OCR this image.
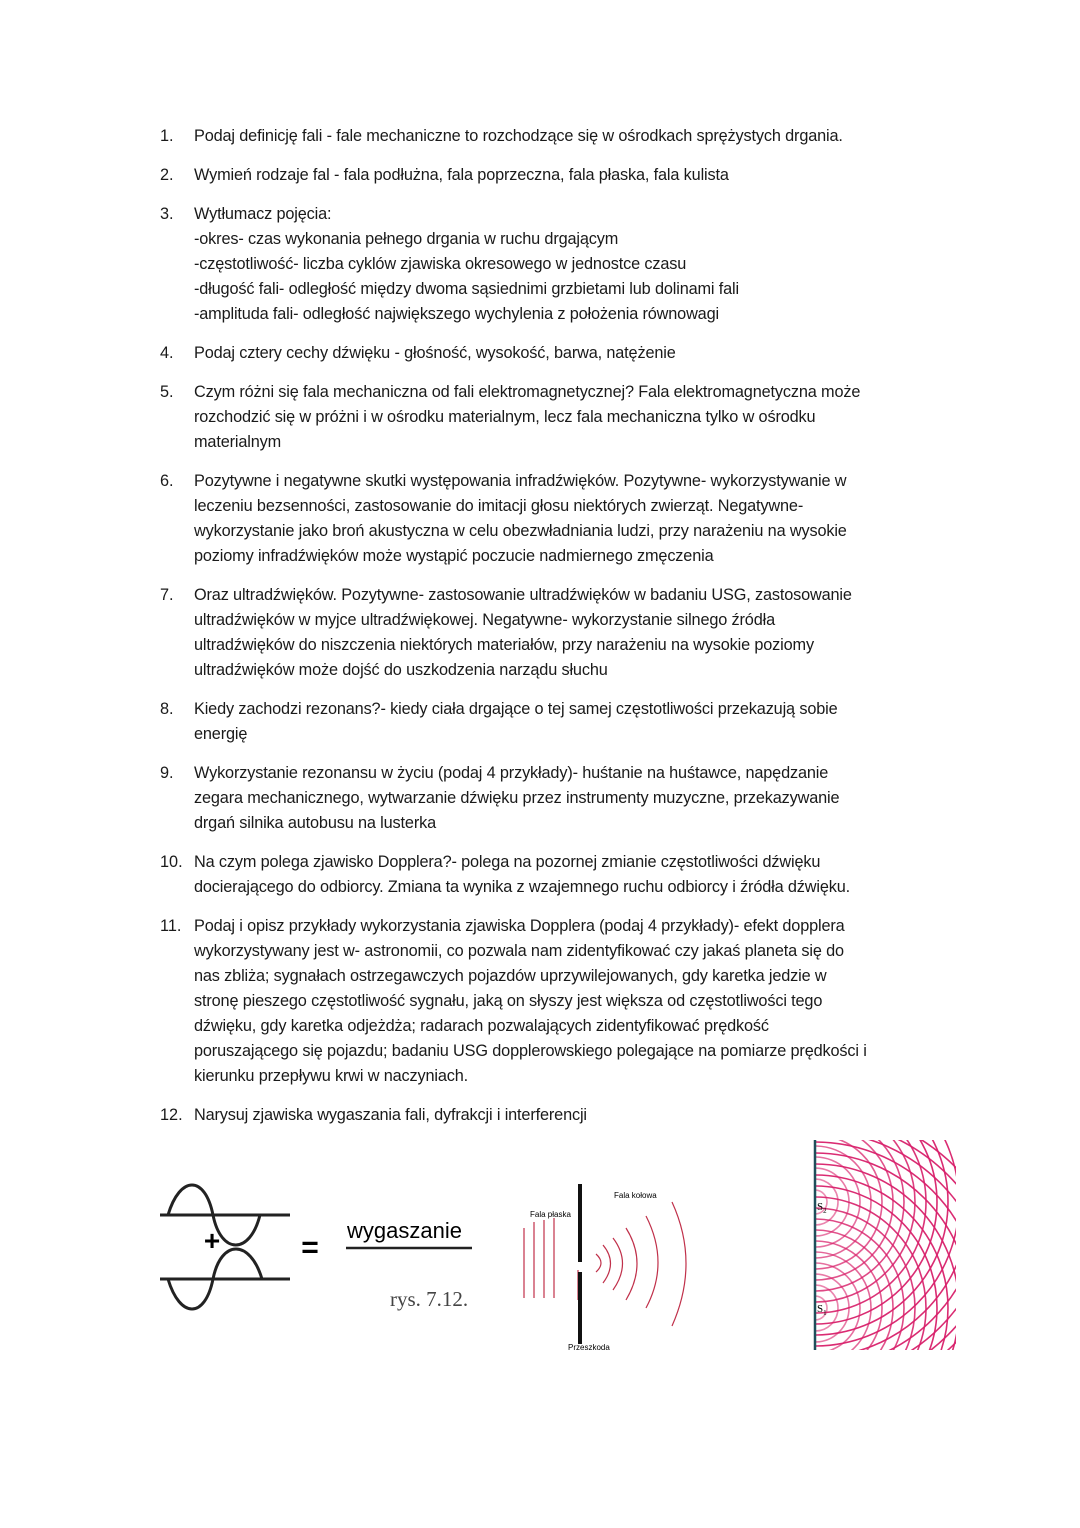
1. Podaj definicję fali - fale mechaniczne to rozchodzące się w ośrodkach sprężystych drgania.
2. Wymień rodzaje fal - fala podłużna, fala poprzeczna, fala płaska, fala kulista
3. Wytłumacz pojęcia:
-okres- czas wykonania pełnego drgania w ruchu drgającym
-częstotliwość- liczba cyklów zjawiska okresowego w jednostce czasu
-długość fali- odległość między dwoma sąsiednimi grzbietami lub dolinami fali
-amplituda fali- odległość największego wychylenia z położenia równowagi
4. Podaj cztery cechy dźwięku - głośność, wysokość, barwa, natężenie
5. Czym różni się fala mechaniczna od fali elektromagnetycznej? Fala elektromagnetyczna może
rozchodzić się w próżni i w ośrodku materialnym, lecz fala mechaniczna tylko w ośrodku
materialnym
6. Pozytywne i negatywne skutki występowania infradźwięków. Pozytywne- wykorzystywanie w
leczeniu bezsenności, zastosowanie do imitacji głosu niektórych zwierząt. Negatywne-
wykorzystanie jako broń akustyczna w celu obezwładniania ludzi, przy narażeniu na wysokie
poziomy infradźwięków może wystąpić poczucie nadmiernego zmęczenia
7. Oraz ultradźwięków. Pozytywne- zastosowanie ultradźwięków w badaniu USG, zastosowanie
ultradźwięków w myjce ultradźwiękowej. Negatywne- wykorzystanie silnego źródła
ultradźwięków do niszczenia niektórych materiałów, przy narażeniu na wysokie poziomy
ultradźwięków może dojść do uszkodzenia narządu słuchu
8. Kiedy zachodzi rezonans?- kiedy ciała drgające o tej samej częstotliwości przekazują sobie
energię
9. Wykorzystanie rezonansu w życiu (podaj 4 przykłady)- huśtanie na huśtawce, napędzanie
zegara mechanicznego, wytwarzanie dźwięku przez instrumenty muzyczne, przekazywanie
drgań silnika autobusu na lusterka
10. Na czym polega zjawisko Dopplera?- polega na pozornej zmianie częstotliwości dźwięku
docierającego do odbiorcy. Zmiana ta wynika z wzajemnego ruchu odbiorcy i źródła dźwięku.
11. Podaj i opisz przykłady wykorzystania zjawiska Dopplera (podaj 4 przykłady)- efekt dopplera
wykorzystywany jest w- astronomii, co pozwala nam zidentyfikować czy jakaś planeta się do
nas zbliża; sygnałach ostrzegawczych pojazdów uprzywilejowanych, gdy karetka jedzie w
stronę pieszego częstotliwość sygnału, jaką on słyszy jest większa od częstotliwości tego
dźwięku, gdy karetka odjeżdża; radarach pozwalających zidentyfikować prędkość
poruszającego się pojazdu; badaniu USG dopplerowskiego polegające na pomiarze prędkości i
kierunku przepływu krwi w naczyniach.
12. Narysuj zjawiska wygaszania fali, dyfrakcji i interferencji
+	=
wygaszanie
rys. 7.12.
Fala płaska
Fala kołowa
Przeszkoda
$S_2$
$S_1$
